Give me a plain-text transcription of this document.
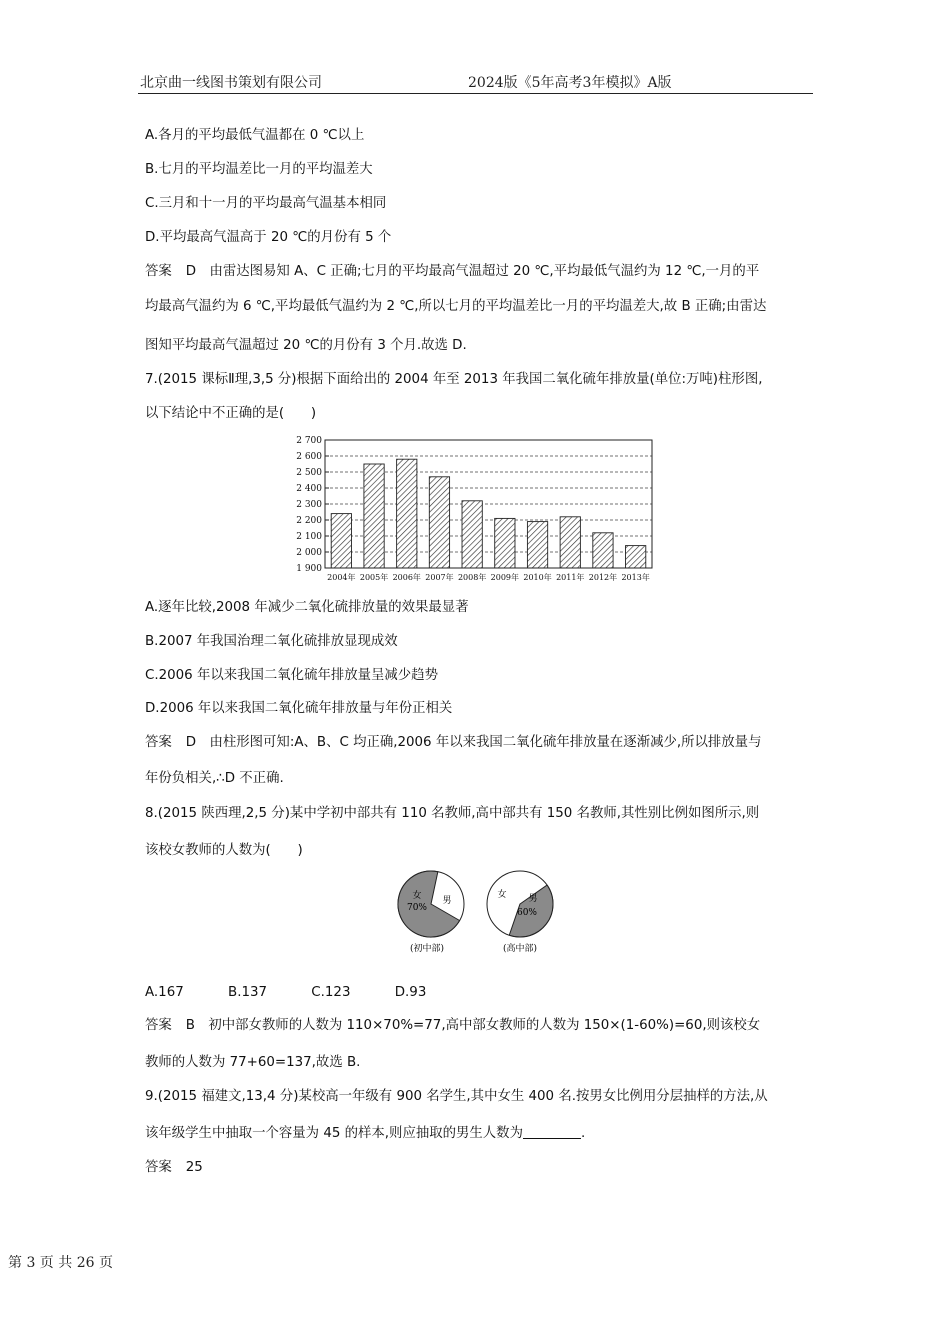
北京曲一线图书策划有限公司	2024版《5年高考3年模拟》A版
A.各月的平均最低气温都在 0 ℃以上
B.七月的平均温差比一月的平均温差大
C.三月和十一月的平均最高气温基本相同
D.平均最高气温高于 20 ℃的月份有 5 个
答案 D　由雷达图易知 A、C 正确;七月的平均最高气温超过 20 ℃,平均最低气温约为 12 ℃,一月的平
均最高气温约为 6 ℃,平均最低气温约为 2 ℃,所以七月的平均温差比一月的平均温差大,故 B 正确;由雷达
图知平均最高气温超过 20 ℃的月份有 3 个月.故选 D.
7.(2015 课标Ⅱ理,3,5 分)根据下面给出的 2004 年至 2013 年我国二氧化硫年排放量(单位:万吨)柱形图,
以下结论中不正确的是(　　)
1 900
2 000
2 100
2 200
2 300
2 400
2 500
2 600
2 700
2004年 2005年 2006年 2007年 2008年 2009年 2010年 2011年 2012年 2013年
A.逐年比较,2008 年减少二氧化硫排放量的效果最显著
B.2007 年我国治理二氧化硫排放显现成效
C.2006 年以来我国二氧化硫年排放量呈减少趋势
D.2006 年以来我国二氧化硫年排放量与年份正相关
答案 D　由柱形图可知:A、B、C 均正确,2006 年以来我国二氧化硫年排放量在逐渐减少,所以排放量与
年份负相关,∴D 不正确.
8.(2015 陕西理,2,5 分)某中学初中部共有 110 名教师,高中部共有 150 名教师,其性别比例如图所示,则
该校女教师的人数为(　　)
(初中部)	(高中部)
女
70%
男
女 男
60%
A.167	B.137	C.123	D.93
答案 B　初中部女教师的人数为 110×70%=77,高中部女教师的人数为 150×(1-60%)=60,则该校女
教师的人数为 77+60=137,故选 B.
9.(2015 福建文,13,4 分)某校高一年级有 900 名学生,其中女生 400 名.按男女比例用分层抽样的方法,从
该年级学生中抽取一个容量为 45 的样本,则应抽取的男生人数为	.
答案 25
第 3 页 共 26 页
